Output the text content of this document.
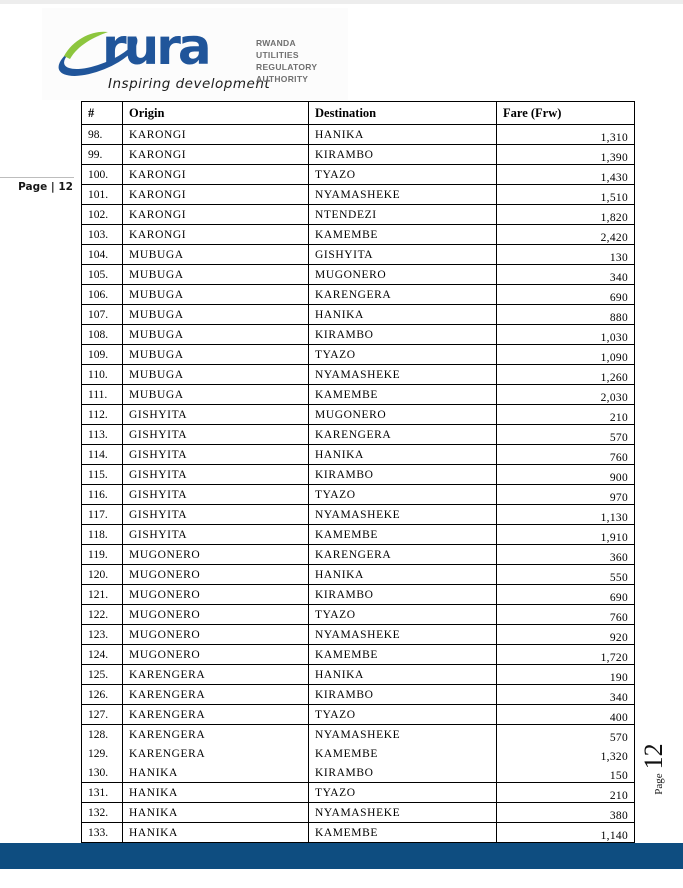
rura
Inspiring development
RWANDA
UTILITIES
REGULATORY
AUTHORITY
Page | 12
#	Origin	Destination	Fare (Frw)
98.	KARONGI	HANIKA	1,310
99.	KARONGI	KIRAMBO	1,390
100.	KARONGI	TYAZO	1,430
101.	KARONGI	NYAMASHEKE	1,510
102.	KARONGI	NTENDEZI	1,820
103.	KARONGI	KAMEMBE	2,420
104.	MUBUGA	GISHYITA	130
105.	MUBUGA	MUGONERO	340
106.	MUBUGA	KARENGERA	690
107.	MUBUGA	HANIKA	880
108.	MUBUGA	KIRAMBO	1,030
109.	MUBUGA	TYAZO	1,090
110.	MUBUGA	NYAMASHEKE	1,260
111.	MUBUGA	KAMEMBE	2,030
112.	GISHYITA	MUGONERO	210
113.	GISHYITA	KARENGERA	570
114.	GISHYITA	HANIKA	760
115.	GISHYITA	KIRAMBO	900
116.	GISHYITA	TYAZO	970
117.	GISHYITA	NYAMASHEKE	1,130
118.	GISHYITA	KAMEMBE	1,910
119.	MUGONERO	KARENGERA	360
120.	MUGONERO	HANIKA	550
121.	MUGONERO	KIRAMBO	690
122.	MUGONERO	TYAZO	760
123.	MUGONERO	NYAMASHEKE	920
124.	MUGONERO	KAMEMBE	1,720
125.	KARENGERA	HANIKA	190
126.	KARENGERA	KIRAMBO	340
127.	KARENGERA	TYAZO	400
128.	KARENGERA	NYAMASHEKE	570
129.	KARENGERA	KAMEMBE	1,320
130.	HANIKA	KIRAMBO	150
131.	HANIKA	TYAZO	210
132.	HANIKA	NYAMASHEKE	380
133.	HANIKA	KAMEMBE	1,140

Page 12
